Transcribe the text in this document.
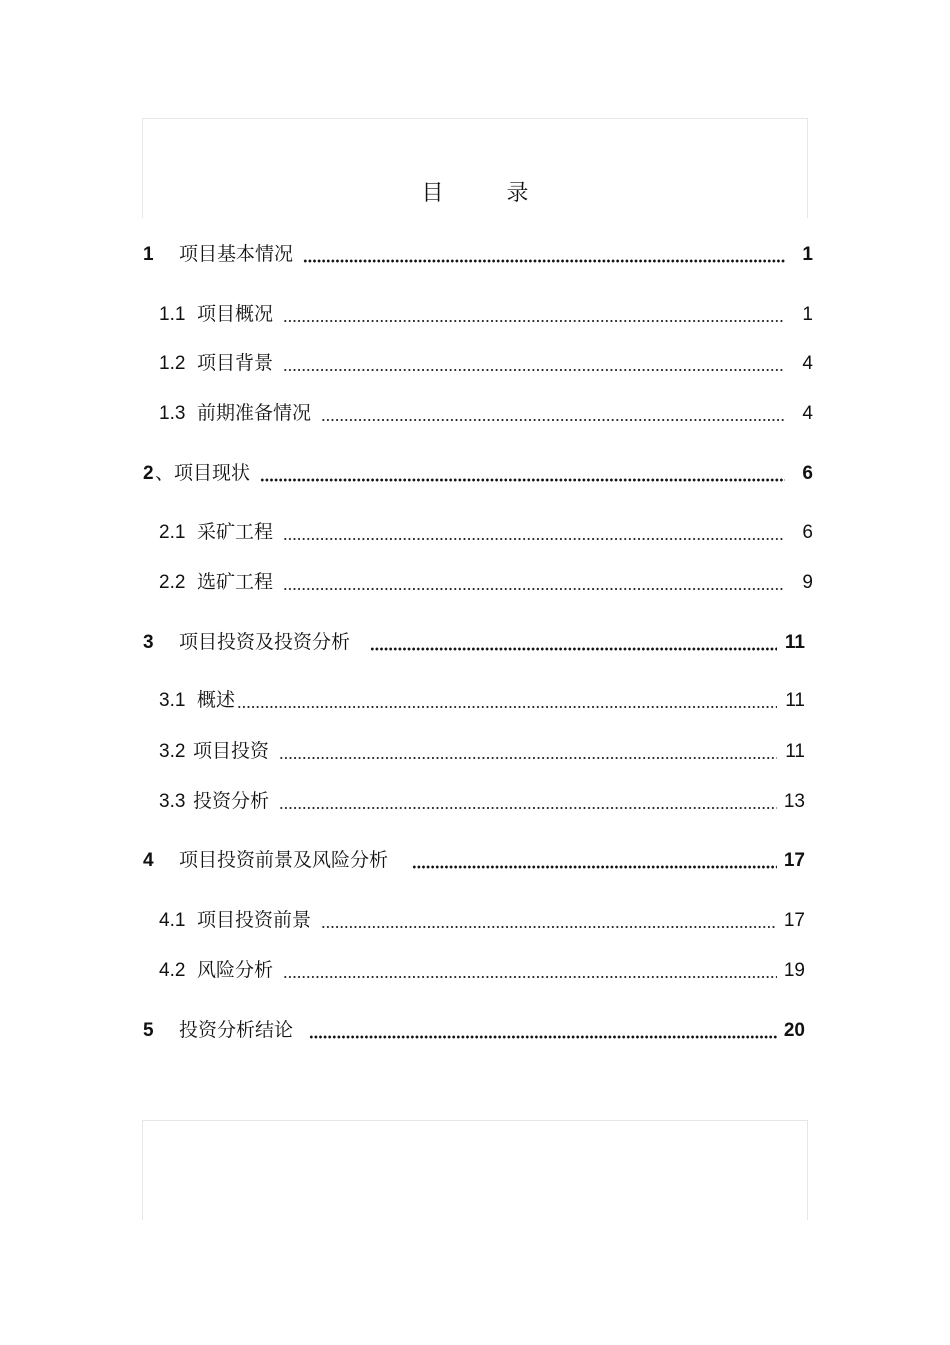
目 录
1	项目基本情况	1
1.1 项目概况	1
1.2 项目背景	4
1.3 前期准备情况	4
2 、项目现状	6
2.1 采矿工程	6
2.2 选矿工程	9
3	项目投资及投资分析	11
3.1 概述	11
3.2 项目投资	11
3.3 投资分析	13
4	项目投资前景及风险分析	17
4.1 项目投资前景	17
4.2 风险分析	19
5	投资分析结论	20
